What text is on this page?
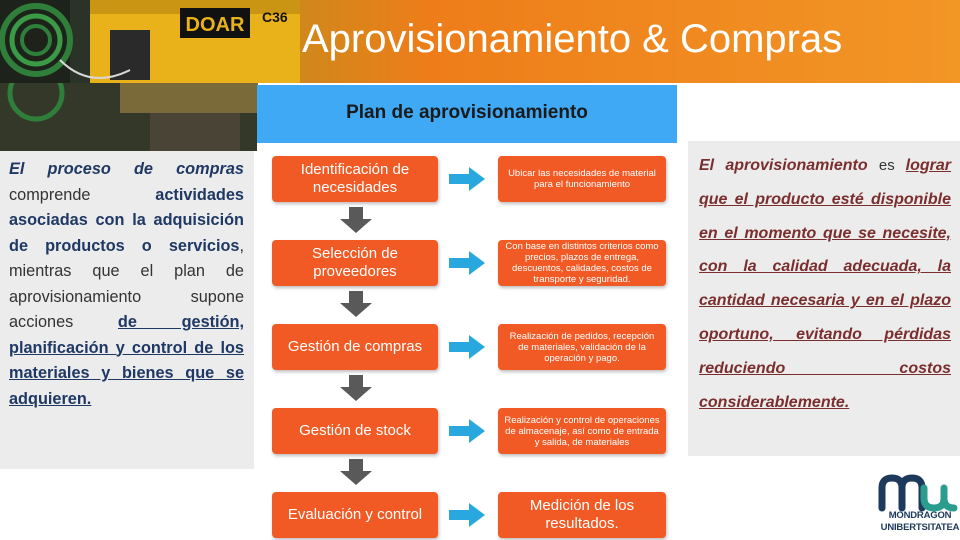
DOAR C36 Aprovisionamiento & Compras
El proceso de compras comprende actividades asociadas con la adquisición de productos o servicios, mientras que el plan de aprovisionamiento supone acciones de gestión, planificación y control de los materiales y bienes que se adquieren.
Plan de aprovisionamiento
Identificación de necesidades
Selección de proveedores
Gestión de compras
Gestión de stock
Evaluación y control
Ubicar las necesidades de material para el funcionamiento
Con base en distintos criterios como precios, plazos de entrega, descuentos, calidades, costos de transporte y seguridad.
Realización de pedidos, recepción de materiales, validación de la operación y pago.
Realización y control de operaciones de almacenaje, así como de entrada y salida, de materiales
Medición de los resultados.
El aprovisionamiento es lograr que el producto esté disponible en el momento que se necesite, con la calidad adecuada, la cantidad necesaria y en el plazo oportuno, evitando pérdidas reduciendo costos considerablemente.
MONDRAGON
UNIBERTSITATEA
